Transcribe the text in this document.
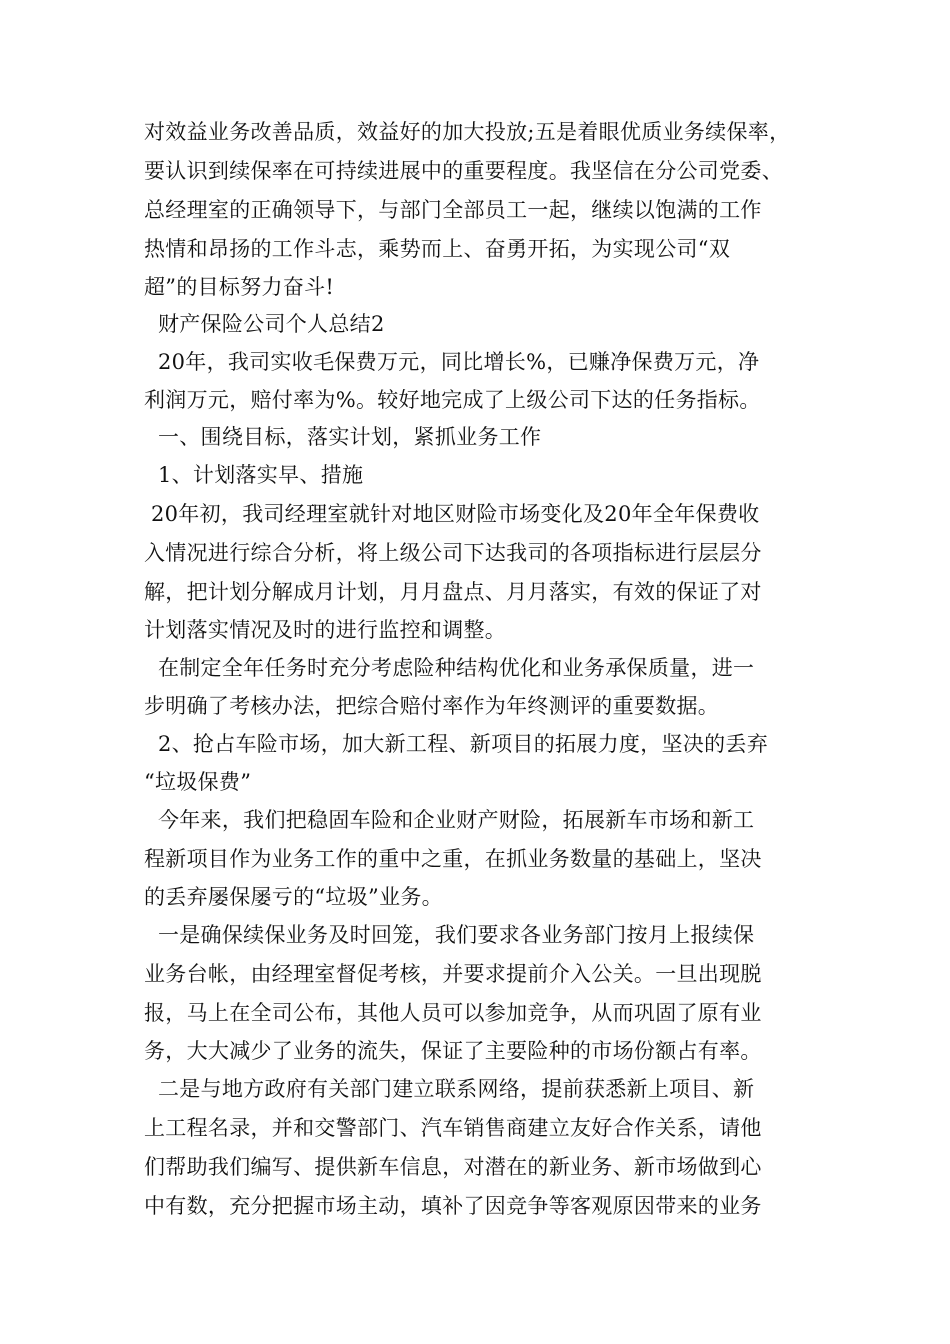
对效益业务改善品质，效益好的加大投放;五是着眼优质业务续保率，
要认识到续保率在可持续进展中的重要程度。我坚信在分公司党委、
总经理室的正确领导下，与部门全部员工一起，继续以饱满的工作
热情和昂扬的工作斗志，乘势而上、奋勇开拓，为实现公司“双
超”的目标努力奋斗!
财产保险公司个人总结2
20年，我司实收毛保费万元，同比增长%，已赚净保费万元，净
利润万元，赔付率为%。较好地完成了上级公司下达的任务指标。
一、围绕目标，落实计划，紧抓业务工作
1、计划落实早、措施
20年初，我司经理室就针对地区财险市场变化及20年全年保费收
入情况进行综合分析，将上级公司下达我司的各项指标进行层层分
解，把计划分解成月计划，月月盘点、月月落实，有效的保证了对
计划落实情况及时的进行监控和调整。
在制定全年任务时充分考虑险种结构优化和业务承保质量，进一
步明确了考核办法，把综合赔付率作为年终测评的重要数据。
2、抢占车险市场，加大新工程、新项目的拓展力度，坚决的丢弃
“垃圾保费”
今年来，我们把稳固车险和企业财产财险，拓展新车市场和新工
程新项目作为业务工作的重中之重，在抓业务数量的基础上，坚决
的丢弃屡保屡亏的“垃圾”业务。
一是确保续保业务及时回笼，我们要求各业务部门按月上报续保
业务台帐，由经理室督促考核，并要求提前介入公关。一旦出现脱
报，马上在全司公布，其他人员可以参加竞争，从而巩固了原有业
务，大大减少了业务的流失，保证了主要险种的市场份额占有率。
二是与地方政府有关部门建立联系网络，提前获悉新上项目、新
上工程名录，并和交警部门、汽车销售商建立友好合作关系，请他
们帮助我们编写、提供新车信息，对潜在的新业务、新市场做到心
中有数，充分把握市场主动，填补了因竞争等客观原因带来的业务
